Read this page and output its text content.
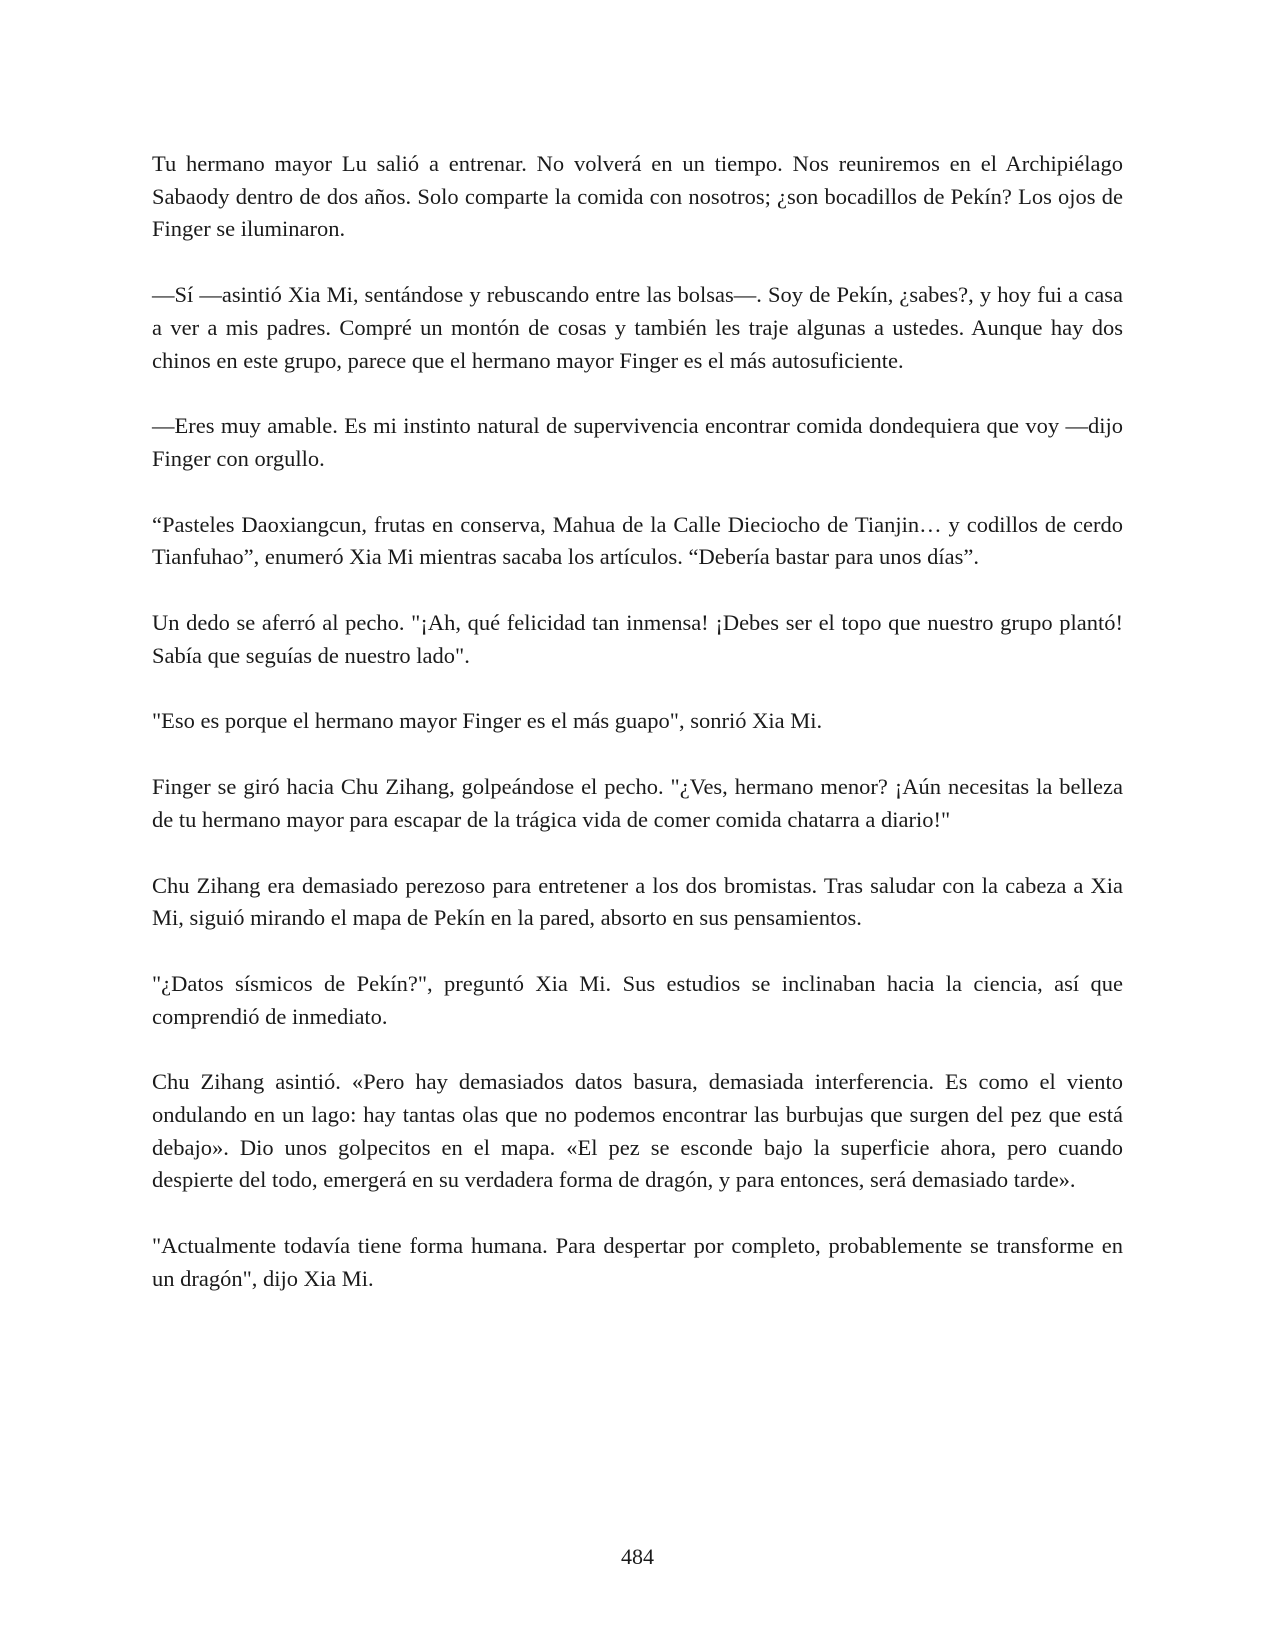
Tu hermano mayor Lu salió a entrenar. No volverá en un tiempo. Nos reuniremos en el Archipiélago Sabaody dentro de dos años. Solo comparte la comida con nosotros; ¿son bocadillos de Pekín? Los ojos de Finger se iluminaron.

—Sí —asintió Xia Mi, sentándose y rebuscando entre las bolsas—. Soy de Pekín, ¿sabes?, y hoy fui a casa a ver a mis padres. Compré un montón de cosas y también les traje algunas a ustedes. Aunque hay dos chinos en este grupo, parece que el hermano mayor Finger es el más autosuficiente.

—Eres muy amable. Es mi instinto natural de supervivencia encontrar comida dondequiera que voy —dijo Finger con orgullo.

“Pasteles Daoxiangcun, frutas en conserva, Mahua de la Calle Dieciocho de Tianjin… y codillos de cerdo Tianfuhao”, enumeró Xia Mi mientras sacaba los artículos. “Debería bastar para unos días”.

Un dedo se aferró al pecho. "¡Ah, qué felicidad tan inmensa! ¡Debes ser el topo que nuestro grupo plantó! Sabía que seguías de nuestro lado".

"Eso es porque el hermano mayor Finger es el más guapo", sonrió Xia Mi.

Finger se giró hacia Chu Zihang, golpeándose el pecho. "¿Ves, hermano menor? ¡Aún necesitas la belleza de tu hermano mayor para escapar de la trágica vida de comer comida chatarra a diario!"

Chu Zihang era demasiado perezoso para entretener a los dos bromistas. Tras saludar con la cabeza a Xia Mi, siguió mirando el mapa de Pekín en la pared, absorto en sus pensamientos.

"¿Datos sísmicos de Pekín?", preguntó Xia Mi. Sus estudios se inclinaban hacia la ciencia, así que comprendió de inmediato.

Chu Zihang asintió. «Pero hay demasiados datos basura, demasiada interferencia. Es como el viento ondulando en un lago: hay tantas olas que no podemos encontrar las burbujas que surgen del pez que está debajo». Dio unos golpecitos en el mapa. «El pez se esconde bajo la superficie ahora, pero cuando despierte del todo, emergerá en su verdadera forma de dragón, y para entonces, será demasiado tarde».

"Actualmente todavía tiene forma humana. Para despertar por completo, probablemente se transforme en un dragón", dijo Xia Mi.

484
